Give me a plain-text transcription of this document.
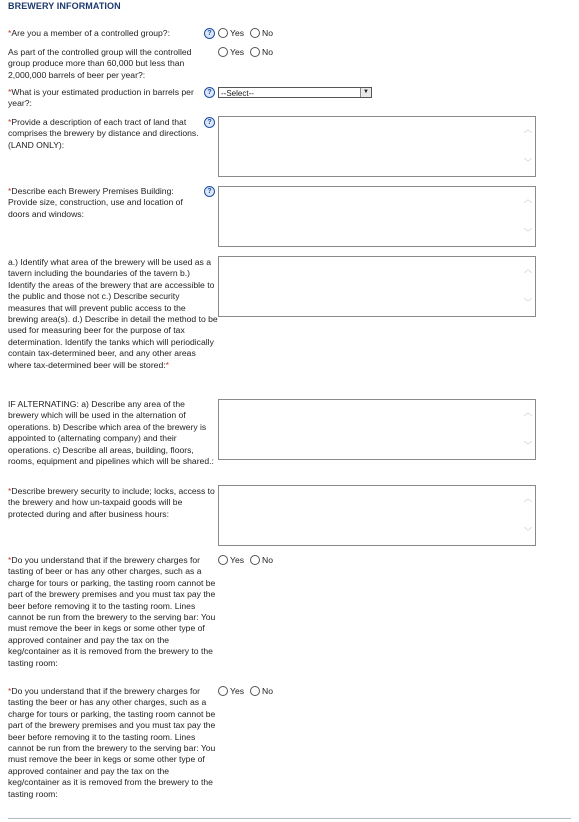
BREWERY INFORMATION
*Are you a member of a controlled group?:	?	Yes No
As part of the controlled group will the controlled group produce more than 60,000 but less than 2,000,000 barrels of beer per year?:
Yes No
*What is your estimated production in barrels per year?:
?	--Select--	▼
*Provide a description of each tract of land that comprises the brewery by distance and directions. (LAND ONLY):
?
︿
﹀
*Describe each Brewery Premises Building: Provide size, construction, use and location of doors and windows:
?
︿
﹀
a.) Identify what area of the brewery will be used as a tavern including the boundaries of the tavern b.) Identify the areas of the brewery that are accessible to the public and those not c.) Describe security measures that will prevent public access to the brewing area(s). d.) Describe in detail the method to be used for measuring beer for the purpose of tax determination. Identify the tanks which will periodically contain tax-determined beer, and any other areas where tax-determined beer will be stored:*
︿
﹀
IF ALTERNATING: a) Describe any area of the brewery which will be used in the alternation of operations. b) Describe which area of the brewery is appointed to (alternating company) and their operations. c) Describe all areas, building, floors, rooms, equipment and pipelines which will be shared.:
︿
﹀
*Describe brewery security to include; locks, access to the brewery and how un-taxpaid goods will be protected during and after business hours:
︿
﹀
*Do you understand that if the brewery charges for tasting of beer or has any other charges, such as a charge for tours or parking, the tasting room cannot be part of the brewery premises and you must tax pay the beer before removing it to the tasting room. Lines cannot be run from the brewery to the serving bar: You must remove the beer in kegs or some other type of approved container and pay the tax on the keg/container as it is removed from the brewery to the tasting room:
Yes No
*Do you understand that if the brewery charges for tasting the beer or has any other charges, such as a charge for tours or parking, the tasting room cannot be part of the brewery premises and you must tax pay the beer before removing it to the tasting room. Lines cannot be run from the brewery to the serving bar: You must remove the beer in kegs or some other type of approved container and pay the tax on the keg/container as it is removed from the brewery to the tasting room:
Yes No
